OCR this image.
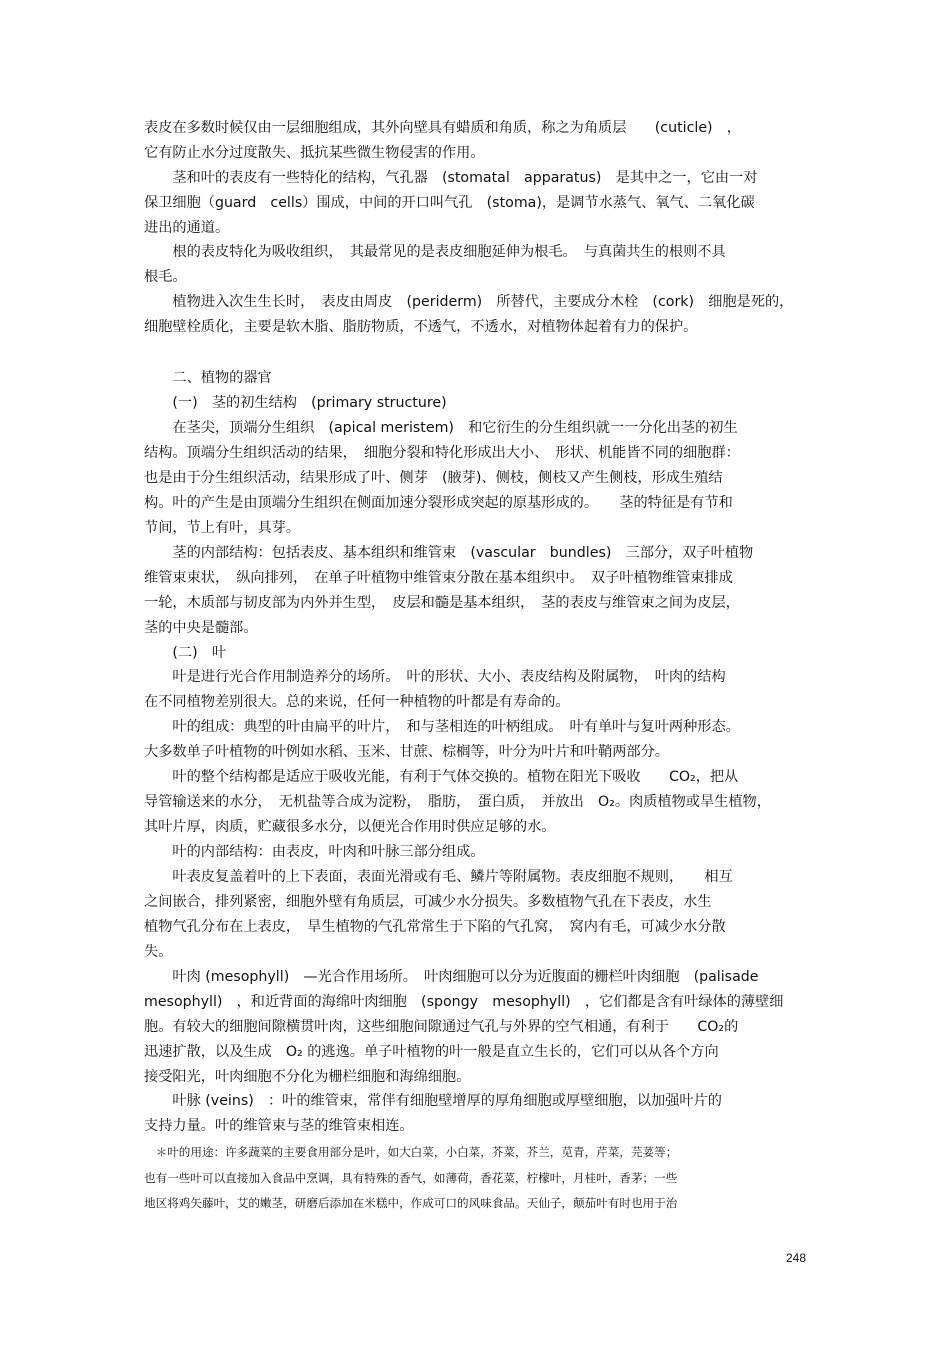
表皮在多数时候仅由一层细胞组成，其外向壁具有蜡质和角质，称之为角质层　　(cuticle)　，

它有防止水分过度散失、抵抗某些微生物侵害的作用。

　　茎和叶的表皮有一些特化的结构，气孔器　(stomatal　apparatus)　是其中之一，它由一对

保卫细胞（guard　cells）围成，中间的开口叫气孔　(stoma)，是调节水蒸气、氧气、二氧化碳

进出的通道。

　　根的表皮特化为吸收组织，　其最常见的是表皮细胞延伸为根毛。　与真菌共生的根则不具

根毛。

　　植物进入次生生长时，　表皮由周皮　(periderm)　所替代，主要成分木栓　(cork)　细胞是死的，

细胞壁栓质化，主要是软木脂、脂肪物质，不透气，不透水，对植物体起着有力的保护。

　　二、植物的器官

　　(一)　茎的初生结构　(primary structure)

　　在茎尖，顶端分生组织　(apical meristem)　和它衍生的分生组织就一一分化出茎的初生

结构。顶端分生组织活动的结果，　细胞分裂和特化形成出大小、　形状、机能皆不同的细胞群：

也是由于分生组织活动，结果形成了叶、侧芽　(腋芽)、侧枝，侧枝又产生侧枝，形成生殖结

构。叶的产生是由顶端分生组织在侧面加速分裂形成突起的原基形成的。　　茎的特征是有节和

节间，节上有叶，具芽。

　　茎的内部结构：包括表皮、基本组织和维管束　(vascular　bundles)　三部分，双子叶植物

维管束束状，　纵向排列，　在单子叶植物中维管束分散在基本组织中。　双子叶植物维管束排成

一轮，木质部与韧皮部为内外并生型，　皮层和髓是基本组织，　茎的表皮与维管束之间为皮层，

茎的中央是髓部。

　　(二)　叶

　　叶是进行光合作用制造养分的场所。　叶的形状、大小、表皮结构及附属物，　叶肉的结构

在不同植物差别很大。总的来说，任何一种植物的叶都是有寿命的。

　　叶的组成：典型的叶由扁平的叶片，　和与茎相连的叶柄组成。　叶有单叶与复叶两种形态。

大多数单子叶植物的叶例如水稻、玉米、甘蔗、棕榈等，叶分为叶片和叶鞘两部分。

　　叶的整个结构都是适应于吸收光能，有利于气体交换的。植物在阳光下吸收　　CO₂，把从

导管输送来的水分，　无机盐等合成为淀粉，　脂肪，　蛋白质，　并放出　O₂。肉质植物或旱生植物，

其叶片厚，肉质，贮藏很多水分，以便光合作用时供应足够的水。

　　叶的内部结构：由表皮，叶肉和叶脉三部分组成。

　　叶表皮复盖着叶的上下表面，表面光滑或有毛、鳞片等附属物。表皮细胞不规则，　　相互

之间嵌合，排列紧密，细胞外壁有角质层，可减少水分损失。多数植物气孔在下表皮，水生

植物气孔分布在上表皮，　旱生植物的气孔常常生于下陷的气孔窝，　窝内有毛，可减少水分散

失。

　　叶肉 (mesophyll)　—光合作用场所。　叶肉细胞可以分为近腹面的栅栏叶肉细胞　(palisade

mesophyll)　，和近背面的海绵叶肉细胞　(spongy　mesophyll)　，它们都是含有叶绿体的薄壁细

胞。有较大的细胞间隙横贯叶肉，这些细胞间隙通过气孔与外界的空气相通，有利于　　CO₂的

迅速扩散，以及生成　O₂ 的逃逸。单子叶植物的叶一般是直立生长的，它们可以从各个方向

接受阳光，叶肉细胞不分化为栅栏细胞和海绵细胞。

　　叶脉 (veins)　：叶的维管束，常伴有细胞壁增厚的厚角细胞或厚壁细胞，以加强叶片的

支持力量。叶的维管束与茎的维管束相连。

　＊叶的用途：许多蔬菜的主要食用部分是叶，如大白菜，小白菜，芥菜，芥兰，苋青，芹菜，芫荽等；

也有一些叶可以直接加入食品中烹调，具有特殊的香气，如薄荷，香花菜，柠檬叶，月桂叶，香茅；一些

地区将鸡矢藤叶，艾的嫩茎，研磨后添加在米糕中，作成可口的风味食品。天仙子，颠茄叶有时也用于治

248
